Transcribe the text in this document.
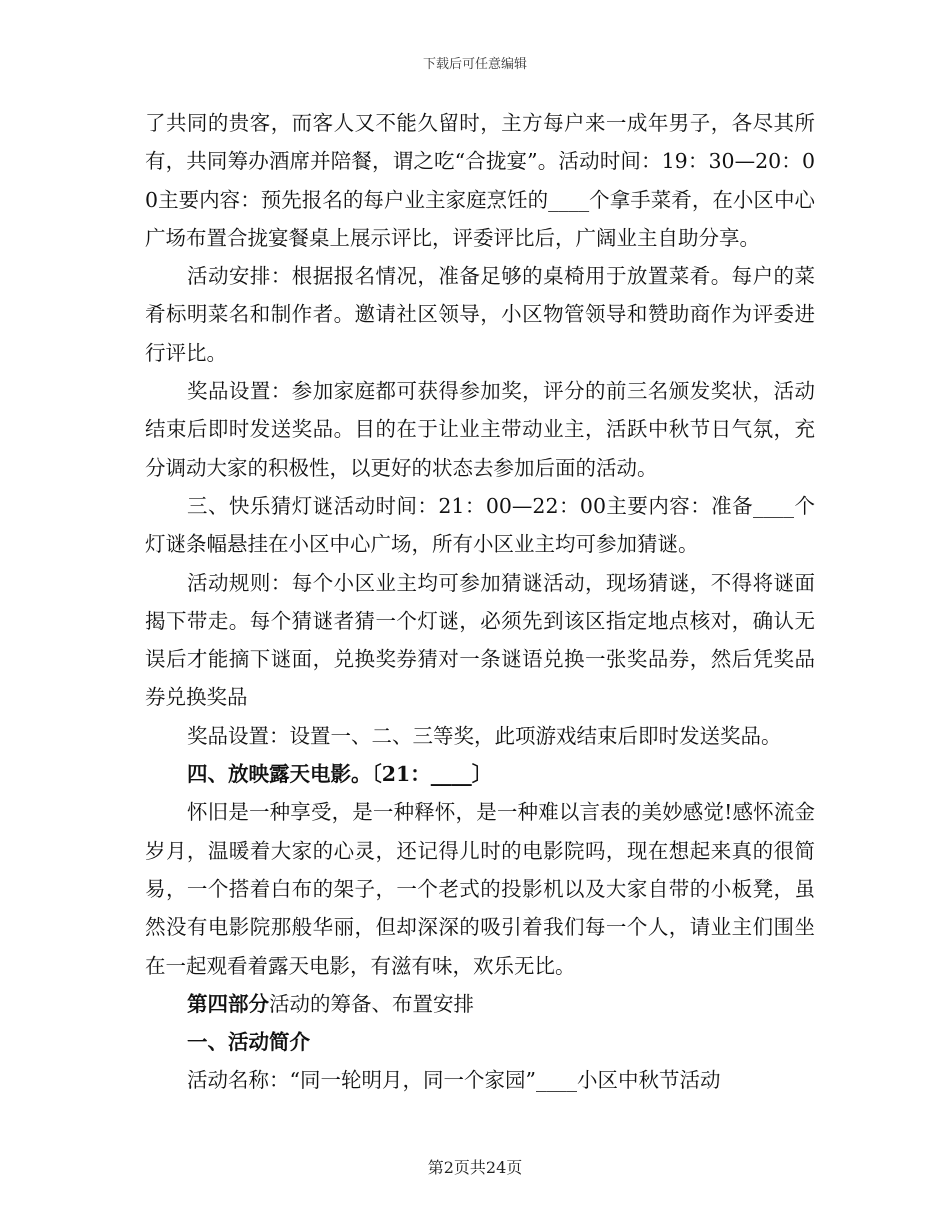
下载后可任意编辑

了共同的贵客，而客人又不能久留时，主方每户来一成年男子，各尽其所有，共同筹办酒席并陪餐，谓之吃“合拢宴”。活动时间：19：30—20：00主要内容：预先报名的每户业主家庭烹饪的____个拿手菜肴，在小区中心广场布置合拢宴餐桌上展示评比，评委评比后，广阔业主自助分享。

活动安排：根据报名情况，准备足够的桌椅用于放置菜肴。每户的菜肴标明菜名和制作者。邀请社区领导，小区物管领导和赞助商作为评委进行评比。

奖品设置：参加家庭都可获得参加奖，评分的前三名颁发奖状，活动结束后即时发送奖品。目的在于让业主带动业主，活跃中秋节日气氛，充分调动大家的积极性，以更好的状态去参加后面的活动。

三、快乐猜灯谜活动时间：21：00—22：00主要内容：准备____个灯谜条幅悬挂在小区中心广场，所有小区业主均可参加猜谜。

活动规则：每个小区业主均可参加猜谜活动，现场猜谜，不得将谜面揭下带走。每个猜谜者猜一个灯谜，必须先到该区指定地点核对，确认无误后才能摘下谜面，兑换奖券猜对一条谜语兑换一张奖品券，然后凭奖品券兑换奖品

奖品设置：设置一、二、三等奖，此项游戏结束后即时发送奖品。

四、放映露天电影。〔21：____〕

怀旧是一种享受，是一种释怀，是一种难以言表的美妙感觉!感怀流金岁月，温暖着大家的心灵，还记得儿时的电影院吗，现在想起来真的很简易，一个搭着白布的架子，一个老式的投影机以及大家自带的小板凳，虽然没有电影院那般华丽，但却深深的吸引着我们每一个人，请业主们围坐在一起观看着露天电影，有滋有味，欢乐无比。

第四部分活动的筹备、布置安排

一、活动简介

活动名称：“同一轮明月，同一个家园”____小区中秋节活动

第2页共24页
